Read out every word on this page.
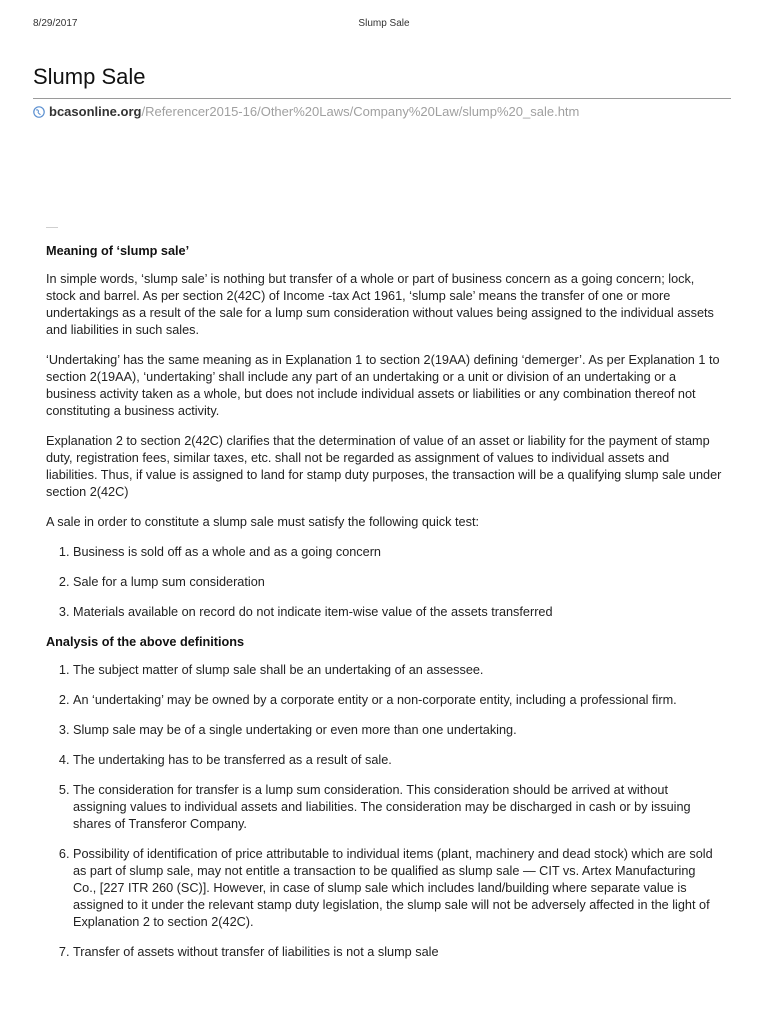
8/29/2017	Slump Sale
Slump Sale
bcasonline.org /Referencer2015-16/Other%20Laws/Company%20Law/slump%20_sale.htm
Meaning of ‘slump sale’

In simple words, ‘slump sale’ is nothing but transfer of a whole or part of business concern as a going concern; lock, stock and barrel. As per section 2(42C) of Income -tax Act 1961, ‘slump sale’ means the transfer of one or more undertakings as a result of the sale for a lump sum consideration without values being assigned to the individual assets and liabilities in such sales.

‘Undertaking’ has the same meaning as in Explanation 1 to section 2(19AA) defining ‘demerger’. As per Explanation 1 to section 2(19AA), ‘undertaking’ shall include any part of an undertaking or a unit or division of an undertaking or a business activity taken as a whole, but does not include individual assets or liabilities or any combination thereof not constituting a business activity.

Explanation 2 to section 2(42C) clarifies that the determination of value of an asset or liability for the payment of stamp duty, registration fees, similar taxes, etc. shall not be regarded as assignment of values to individual assets and liabilities. Thus, if value is assigned to land for stamp duty purposes, the transaction will be a qualifying slump sale under section 2(42C)

A sale in order to constitute a slump sale must satisfy the following quick test:

1. Business is sold off as a whole and as a going concern
2. Sale for a lump sum consideration
3. Materials available on record do not indicate item-wise value of the assets transferred
Analysis of the above definitions
1. The subject matter of slump sale shall be an undertaking of an assessee.
2. An ‘undertaking’ may be owned by a corporate entity or a non-corporate entity, including a professional firm.
3. Slump sale may be of a single undertaking or even more than one undertaking.
4. The undertaking has to be transferred as a result of sale.
5. The consideration for transfer is a lump sum consideration. This consideration should be arrived at without assigning values to individual assets and liabilities. The consideration may be discharged in cash or by issuing shares of Transferor Company.
6. Possibility of identification of price attributable to individual items (plant, machinery and dead stock) which are sold as part of slump sale, may not entitle a transaction to be qualified as slump sale — CIT vs. Artex Manufacturing Co., [227 ITR 260 (SC)]. However, in case of slump sale which includes land/building where separate value is assigned to it under the relevant stamp duty legislation, the slump sale will not be adversely affected in the light of Explanation 2 to section 2(42C).
7. Transfer of assets without transfer of liabilities is not a slump sale
